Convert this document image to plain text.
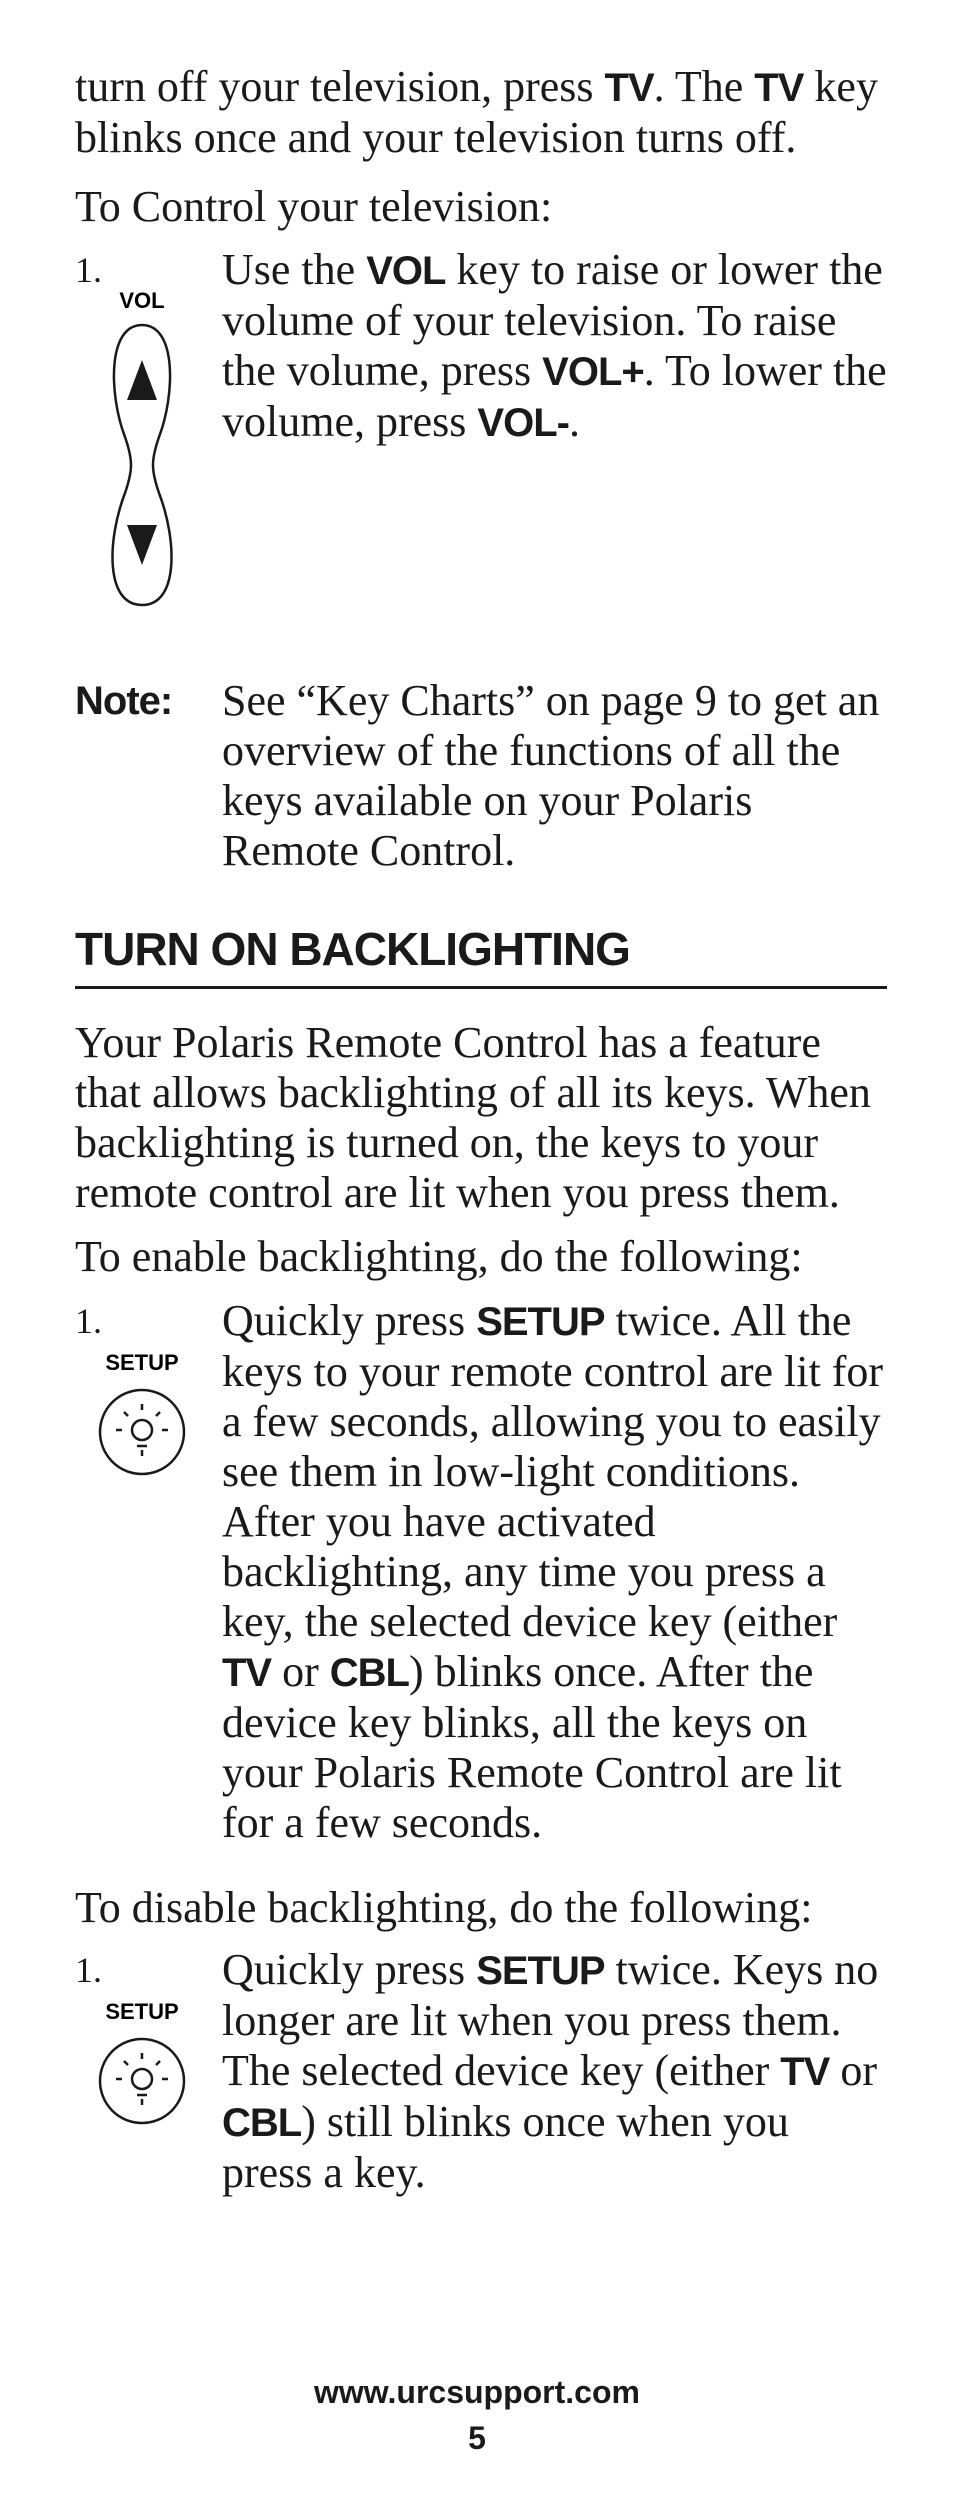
turn off your television, press TV. The TV key blinks once and your television turns off.

To Control your television:

1.
VOL

Use the VOL key to raise or lower the volume of your television. To raise the volume, press VOL+. To lower the volume, press VOL-.

Note: See “Key Charts” on page 9 to get an overview of the functions of all the keys available on your Polaris Remote Control.

TURN ON BACKLIGHTING

Your Polaris Remote Control has a feature that allows backlighting of all its keys. When backlighting is turned on, the keys to your remote control are lit when you press them.

To enable backlighting, do the following:

1.
SETUP

Quickly press SETUP twice. All the keys to your remote control are lit for a few seconds, allowing you to easily see them in low-light conditions. After you have activated backlighting, any time you press a key, the selected device key (either TV or CBL) blinks once. After the device key blinks, all the keys on your Polaris Remote Control are lit for a few seconds.

To disable backlighting, do the following:

1.
SETUP

Quickly press SETUP twice. Keys no longer are lit when you press them. The selected device key (either TV or CBL) still blinks once when you press a key.

www.urcsupport.com
5
